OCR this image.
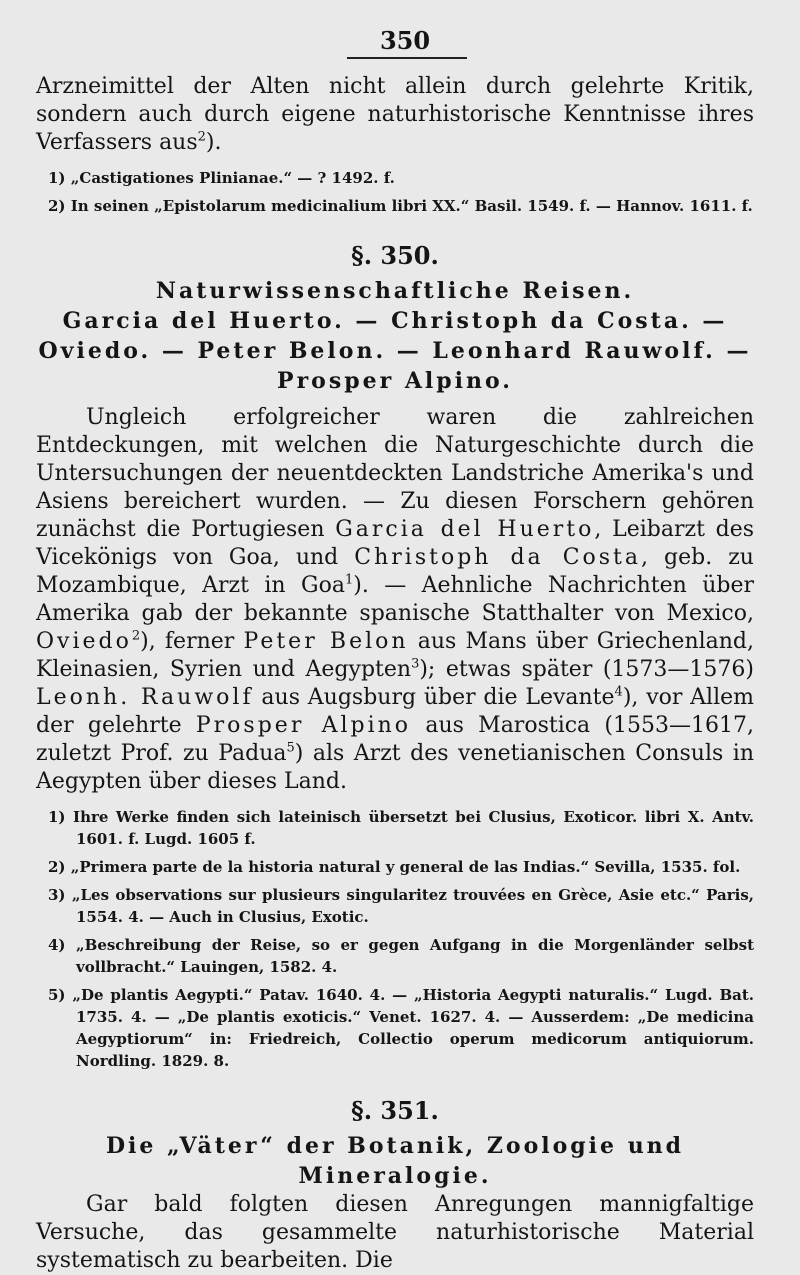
350

Arzneimittel der Alten nicht allein durch gelehrte Kritik, sondern auch durch eigene naturhistorische Kenntnisse ihres Verfassers aus$^2$).

1) „Castigationes Plinianae.“ — ? 1492. f.

2) In seinen „Epistolarum medicinalium libri XX.“ Basil. 1549. f. — Hannov. 1611. f.

§. 350.

Naturwissenschaftliche Reisen.

Garcia del Huerto. — Christoph da Costa. — Oviedo. — Peter Belon. — Leonhard Rauwolf. — Prosper Alpino.

Ungleich erfolgreicher waren die zahlreichen Entdeckungen, mit welchen die Naturgeschichte durch die Untersuchungen der neuentdeckten Landstriche Amerika's und Asiens bereichert wurden. — Zu diesen Forschern gehören zunächst die Portugiesen Garcia del Huerto, Leibarzt des Vicekönigs von Goa, und Christoph da Costa, geb. zu Mozambique, Arzt in Goa$^1$). — Aehnliche Nachrichten über Amerika gab der bekannte spanische Statthalter von Mexico, Oviedo$^2$), ferner Peter Belon aus Mans über Griechenland, Kleinasien, Syrien und Aegypten$^3$); etwas später (1573—1576) Leonh. Rauwolf aus Augsburg über die Levante$^4$), vor Allem der gelehrte Prosper Alpino aus Marostica (1553—1617, zuletzt Prof. zu Padua$^5$) als Arzt des venetianischen Consuls in Aegypten über dieses Land.

1) Ihre Werke finden sich lateinisch übersetzt bei Clusius, Exoticor. libri X. Antv. 1601. f. Lugd. 1605 f.

2) „Primera parte de la historia natural y general de las Indias.“ Sevilla, 1535. fol.

3) „Les observations sur plusieurs singularitez trouvées en Grèce, Asie etc.“ Paris, 1554. 4. — Auch in Clusius, Exotic.

4) „Beschreibung der Reise, so er gegen Aufgang in die Morgenländer selbst vollbracht.“ Lauingen, 1582. 4.

5) „De plantis Aegypti.“ Patav. 1640. 4. — „Historia Aegypti naturalis.“ Lugd. Bat. 1735. 4. — „De plantis exoticis.“ Venet. 1627. 4. — Ausserdem: „De medicina Aegyptiorum“ in: Friedreich, Collectio operum medicorum antiquiorum. Nordling. 1829. 8.

§. 351.

Die „Väter“ der Botanik, Zoologie und Mineralogie.

Gar bald folgten diesen Anregungen mannigfaltige Versuche, das gesammelte naturhistorische Material systematisch zu bearbeiten. Die
